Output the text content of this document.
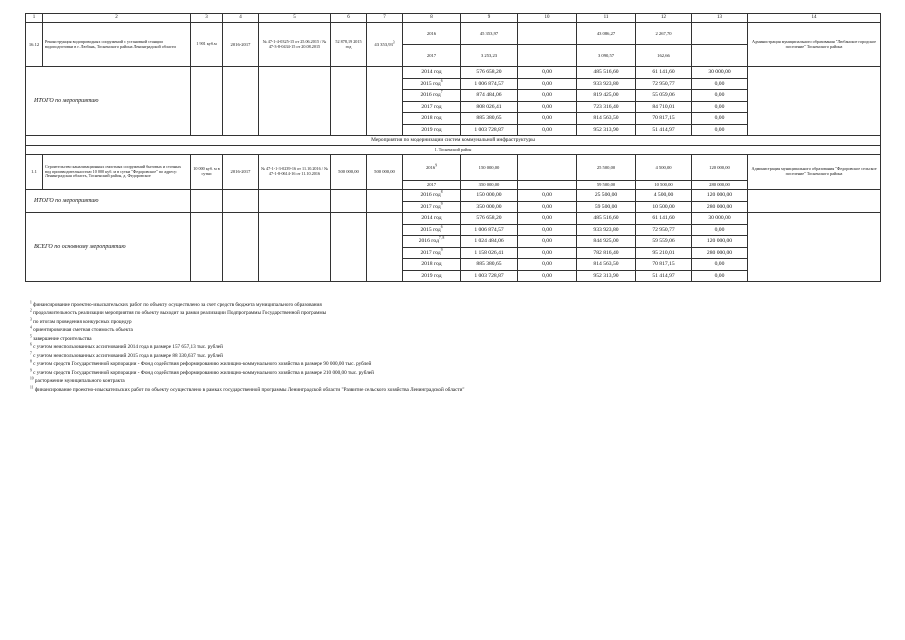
1	2	3	4	5	6	7	8	9	10	11	12	13	14	
16.12	Реконструкция водопроводных сооружений с установкой станции водоподготовки в г. Любань, Тосненского района Ленинградской области	1 901 куб.м	2016-2017	№ 47-1-4-0325-15 от 25.06.2015 / № 47-3-8-0434-15 от 20.08.2015	52 878,19 2015 год	43 353,93$^3$	2016	45 353,97		43 086,27	2 267,70		Администрация муниципального образования "Любанское городское поселение" Тосненского района	
							2017	3 253,23		3 090,57	162,66			
ИТОГО по мероприятию							2014 год	576 658,20	0,00	485 516,60	61 141,60	30 000,00		
							2015 год$^6$	1 006 874,57	0,00	933 923,80	72 950,77	0,00		
							2016 год$^7$	874 484,06	0,00	819 425,00	55 059,06	0,00		
							2017 год	808 026,41	0,00	723 316,40	84 710,01	0,00		
							2018 год	885 380,65	0,00	814 563,50	70 817,15	0,00		
							2019 год	1 003 728,87	0,00	952 313,90	51 414,97	0,00		
Мероприятия по модернизации систем коммунальной инфраструктуры														
1. Тосненский район														
1.1	Строительство канализационных очистных сооружений бытовых и сточных вод производительностью 10 000 куб. м в сутки "Федоровское" по адресу: Ленинградская область, Тосненский район, д. Федоровское	10 000 куб. м в сутки	2016-2017	№ 47-1-1-3-0239-16 от 11.10.2016 / № 47-1-8-0614-16 от 11.10.2016	500 000,00	500 000,00	2016$^9$	150 000,00		25 500,00	4 500,00	120 000,00	Администрация муниципального образования "Федоровское сельское поселение" Тосненского района	
							2017	350 000,00		59 500,00	10 500,00	280 000,00		
ИТОГО по мероприятию							2016 год$^8$	150 000,00	0,00	25 500,00	4 500,00	120 000,00		
							2017 год$^9$	350 000,00	0,00	59 500,00	10 500,00	280 000,00		
ВСЕГО по основному мероприятию							2014 год	576 658,20	0,00	485 516,60	61 141,60	30 000,00		
							2015 год$^6$	1 006 874,57	0,00	933 923,80	72 950,77	0,00		
							2016 год$^{7, 8}$	1 024 484,06	0,00	844 925,00	59 559,06	120 000,00		
							2017 год$^9$	1 158 026,41	0,00	782 816,40	95 210,01	280 000,00		
							2018 год	885 380,65	0,00	814 563,50	70 817,15	0,00		
							2019 год	1 003 728,87	0,00	952 313,90	51 414,97	0,00		
$^1$ финансирование проектно-изыскательских работ по объекту осуществлено за счет средств бюджета муниципального образования
$^2$ продолжительность реализации мероприятия по объекту выходит за рамки реализации Подпрограммы Государственной программы
$^3$ по итогам проведения конкурсных процедур
$^4$ ориентировочная сметная стоимость объекта
$^5$ завершение строительства
$^6$ с учетом неиспользованных ассигнований 2014 года в размере 157 657,13 тыс. рублей
$^7$ с учетом неиспользованных ассигнований 2015 года в размере 88 330,637 тыс. рублей
$^8$ с учетом средств Государственной корпорации - Фонд содействия реформированию жилищно-коммунального хозяйства в размере 90 000,00 тыс. рублей
$^9$ с учетом средств Государственной корпорации - Фонд содействия реформированию жилищно-коммунального хозяйства в размере 210 000,00 тыс. рублей
$^{10}$ расторжение муниципального контракта
$^{11}$ финансирование проектно-изыскательских работ по объекту осуществлено в рамках государственной программы Ленинградской области "Развитие сельского хозяйства Ленинградской области"
